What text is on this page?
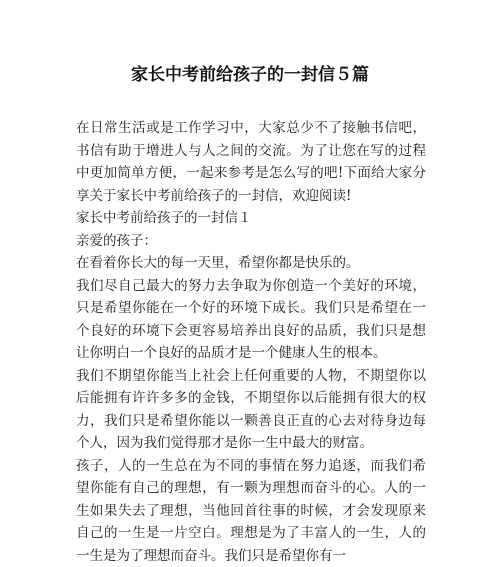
家长中考前给孩子的一封信５篇

在日常生活或是工作学习中，大家总少不了接触书信吧，书信有助于增进人与人之间的交流。为了让您在写的过程中更加简单方便，一起来参考是怎么写的吧!下面给大家分享关于家长中考前给孩子的一封信，欢迎阅读!

家长中考前给孩子的一封信１

亲爱的孩子：

在看着你长大的每一天里，希望你都是快乐的。

我们尽自己最大的努力去争取为你创造一个美好的环境，只是希望你能在一个好的环境下成长。我们只是希望在一个良好的环境下会更容易培养出良好的品质，我们只是想让你明白一个良好的品质才是一个健康人生的根本。

我们不期望你能当上社会上任何重要的人物，不期望你以后能拥有许许多多的金钱，不期望你以后能拥有很大的权力，我们只是希望你能以一颗善良正直的心去对待身边每个人，因为我们觉得那才是你一生中最大的财富。

孩子，人的一生总在为不同的事情在努力追逐，而我们希望你能有自己的理想，有一颗为理想而奋斗的心。人的一生如果失去了理想，当他回首往事的时候，才会发现原来自己的一生是一片空白。理想是为了丰富人的一生，人的一生是为了理想而奋斗。我们只是希望你有一
